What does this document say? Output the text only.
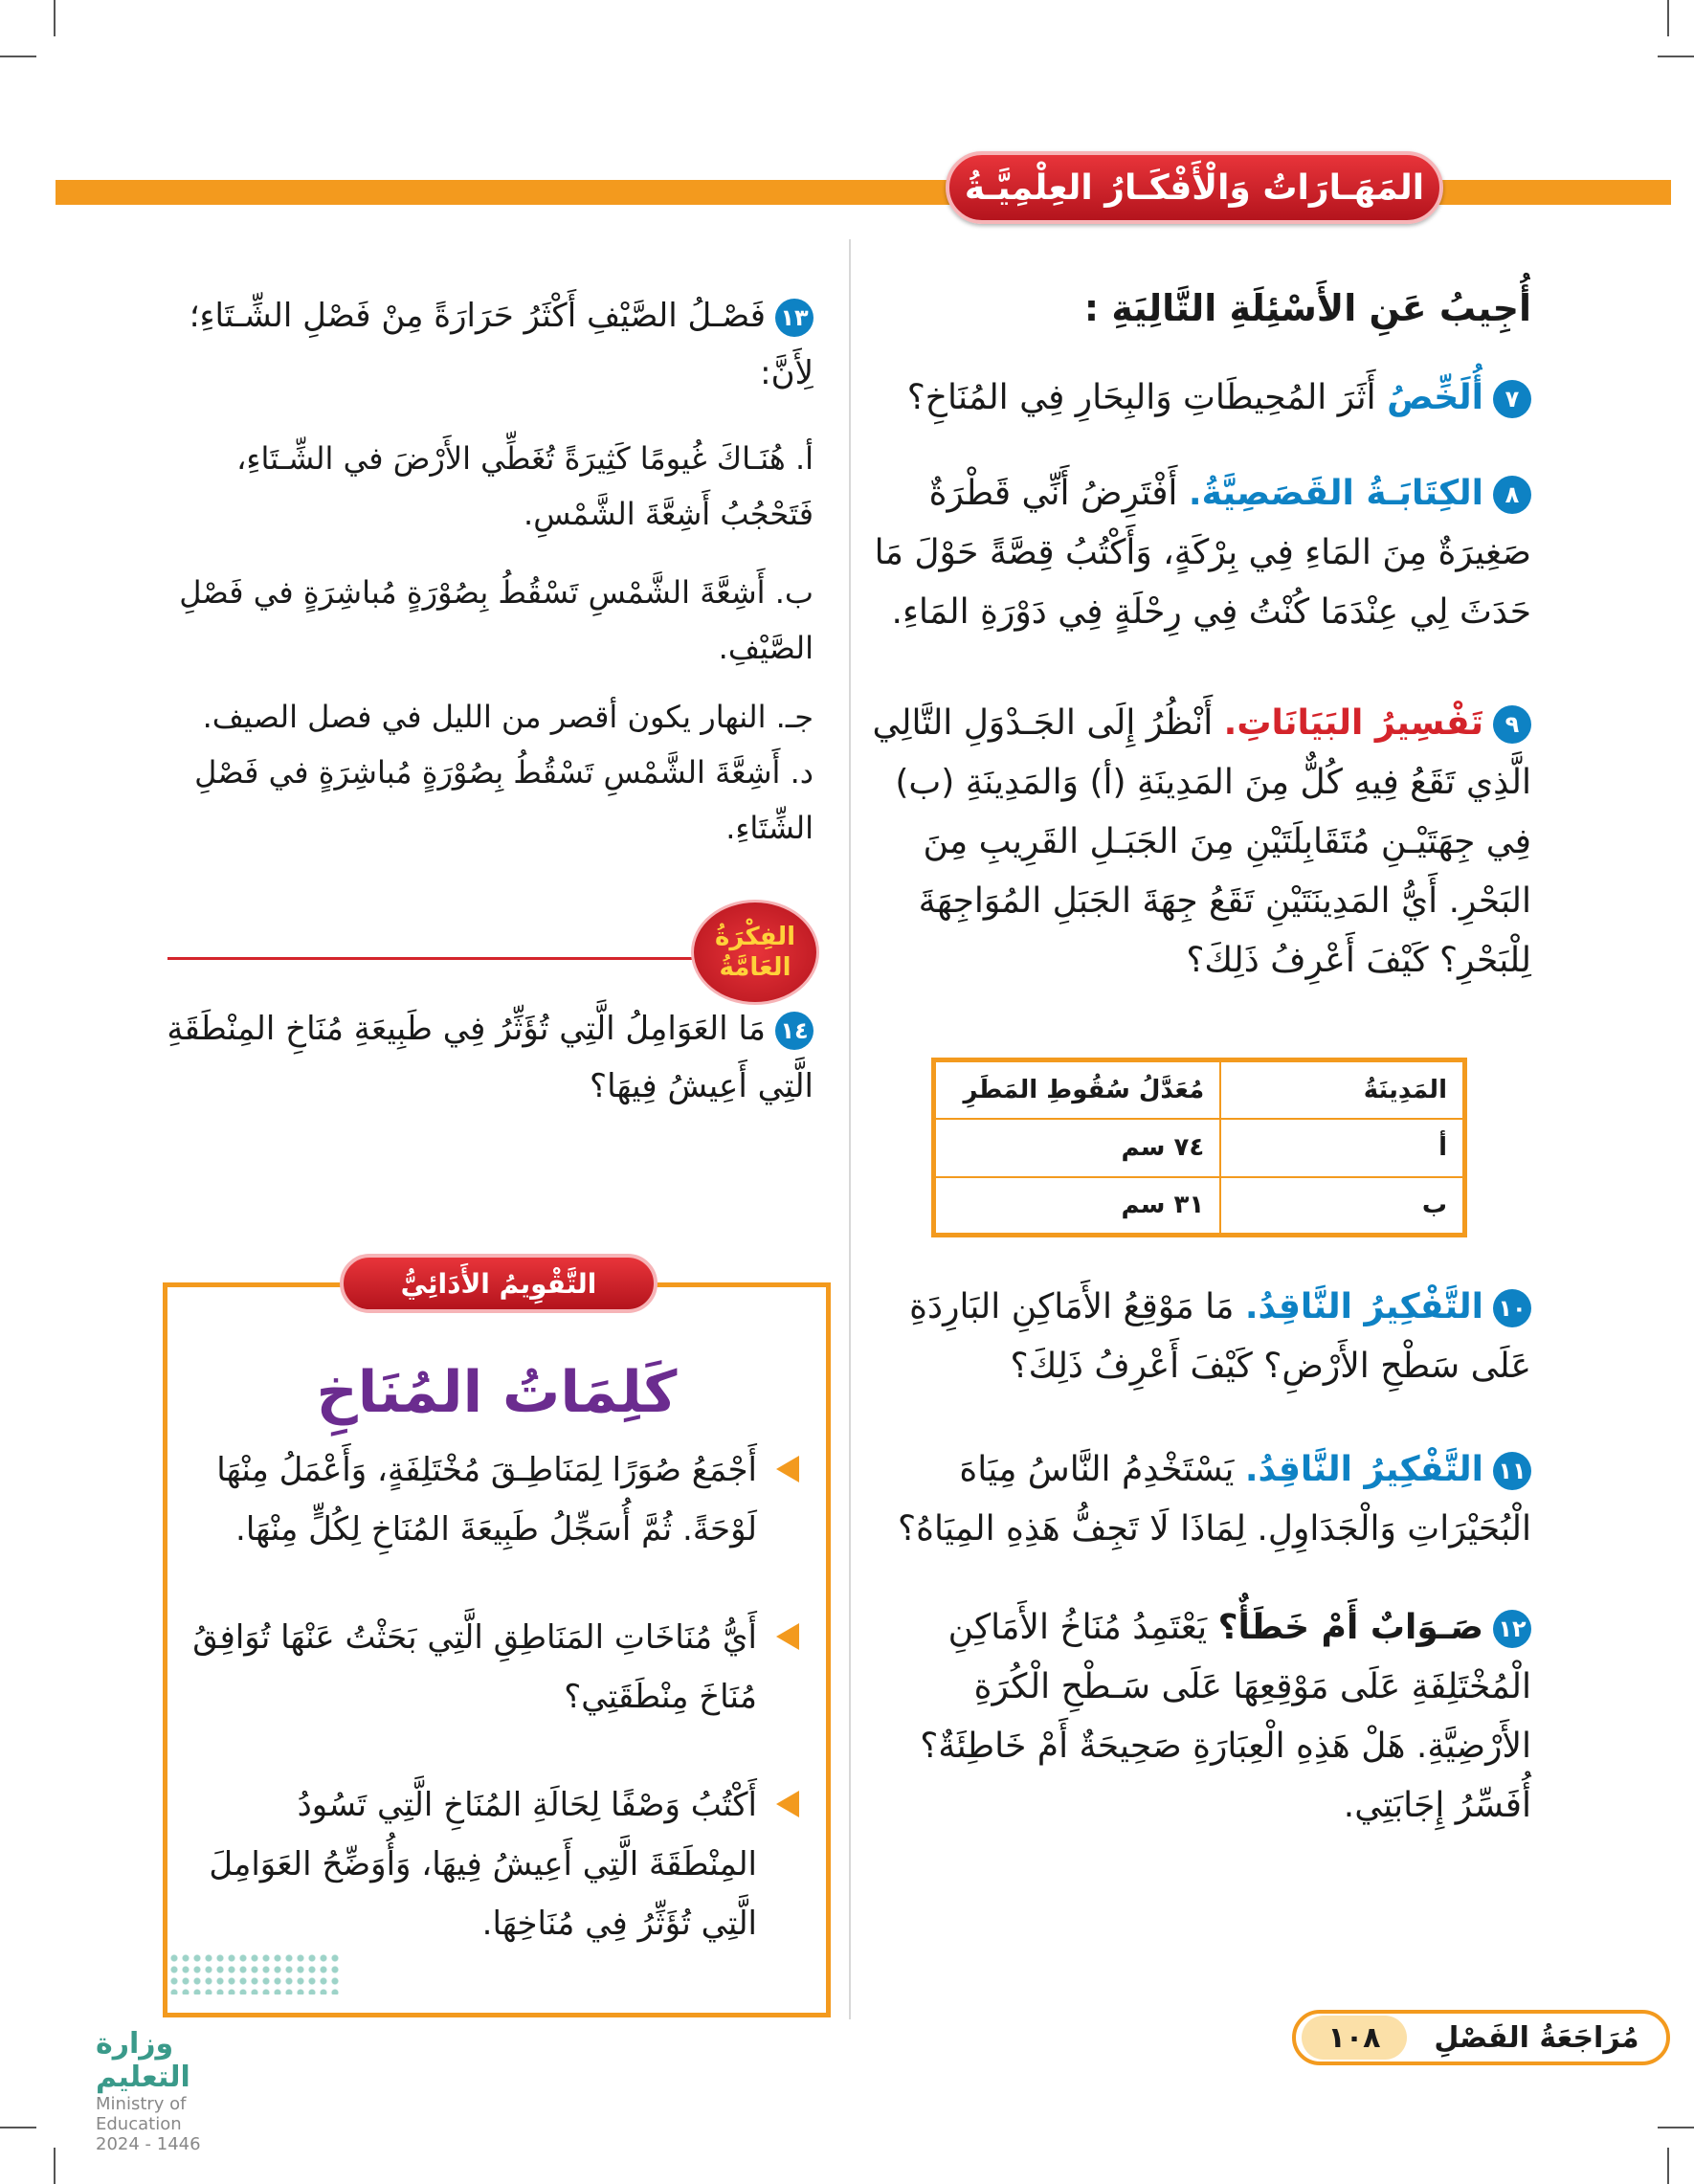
المَهَـارَاتُ وَالْأَفْكَـارُ العِلْمِيَّـةُ
أُجِيبُ عَنِ الأَسْئِلَةِ التَّالِيَةِ :
٧أُلَخِّصُ أَثَرَ المُحِيطَاتِ وَالبِحَارِ فِي المُنَاخِ؟
٨الكِتَابَـةُ القَصَصِيَّةُ. أَفْتَرِضُ أَنِّي قَطْرَةٌ صَغِيرَةٌ مِنَ المَاءِ فِي بِرْكَةٍ، وَأَكْتُبُ قِصَّةً حَوْلَ مَا حَدَثَ لِي عِنْدَمَا كُنْتُ فِي رِحْلَةٍ فِي دَوْرَةِ المَاءِ.
٩تَفْسِيرُ البَيَانَاتِ. أَنْظُرُ إِلَى الجَـدْوَلِ التَّالِي الَّذِي تَقَعُ فِيهِ كُلٌّ مِنَ المَدِينَةِ (أ) وَالمَدِينَةِ (ب) فِي جِهَتَيْـنِ مُتَقَابِلَتَيْنِ مِنَ الجَبَـلِ القَرِيبِ مِنَ البَحْرِ. أَيُّ المَدِينَتَيْنِ تَقَعُ جِهَةَ الجَبَلِ المُوَاجِهَةَ لِلْبَحْرِ؟ كَيْفَ أَعْرِفُ ذَلِكَ؟
المَدِينَةُ	مُعَدَّلُ سُقُوطِ المَطَرِ
أ	٧٤ سم
ب	٣١ سم
١٠التَّفْكِيرُ النَّاقِدُ. مَا مَوْقِعُ الأَمَاكِنِ البَارِدَةِ عَلَى سَطْحِ الأَرْضِ؟ كَيْفَ أَعْرِفُ ذَلِكَ؟
١١التَّفْكِيرُ النَّاقِدُ. يَسْتَخْدِمُ النَّاسُ مِيَاهَ الْبُحَيْرَاتِ وَالْجَدَاوِلِ. لِمَاذَا لَا تَجِفُّ هَذِهِ المِيَاهُ؟
١٢صَـوَابٌ أَمْ خَطَأٌ؟ يَعْتَمِدُ مُنَاخُ الأَمَاكِنِ الْمُخْتَلِفَةِ عَلَى مَوْقِعِهَا عَلَى سَـطْحِ الْكُرَةِ الأَرْضِيَّةِ. هَلْ هَذِهِ الْعِبَارَةِ صَحِيحَةٌ أَمْ خَاطِئَةٌ؟ أُفَسِّرُ إِجَابَتِي.
١٣فَصْـلُ الصَّيْفِ أَكْثَرُ حَرَارَةً مِنْ فَصْلِ الشِّـتَاءِ؛ لِأَنَّ:
أ. هُنَـاكَ غُيومًا كَثِيرَةً تُغَطِّي الأَرْضَ في الشِّـتَاءِ، فَتَحْجُبُ أَشِعَّةَ الشَّمْسِ.
ب. أَشِعَّةَ الشَّمْسِ تَسْقُطُ بِصُوْرَةٍ مُباشِرَةٍ في فَصْلِ الصَّيْفِ.
جـ. النهار يكون أقصر من الليل في فصل الصيف.
د. أَشِعَّةَ الشَّمْسِ تَسْقُطُ بِصُوْرَةٍ مُباشِرَةٍ في فَصْلِ الشِّتَاءِ.
الفِكْرَةُ العَامَّةُ
١٤مَا العَوَامِلُ الَّتِي تُؤَثِّرُ فِي طَبِيعَةِ مُنَاخِ المِنْطَقَةِ الَّتِي أَعِيشُ فِيهَا؟
التَّقْوِيمُ الأَدَائِيُّ
كَلِمَاتُ المُنَاخِ
أَجْمَعُ صُوَرًا لِمَنَاطِـقَ مُخْتَلِفَةٍ، وَأَعْمَلُ مِنْهَا لَوْحَةً. ثُمَّ أُسَجِّلُ طَبِيعَةَ المُنَاخِ لِكُلٍّ مِنْهَا.
أَيُّ مُنَاخَاتِ المَنَاطِقِ الَّتِي بَحَثْتُ عَنْهَا تُوَافِقُ مُنَاخَ مِنْطَقَتِي؟
أَكْتُبُ وَصْفًا لِحَالَةِ المُنَاخِ الَّتِي تَسُودُ المِنْطَقَةَ الَّتِي أَعِيشُ فِيهَا، وَأُوَضِّحُ العَوَامِلَ الَّتِي تُؤَثِّرُ فِي مُنَاخِهَا.
مُرَاجَعَةُ الفَصْلِ
١٠٨
وزارة التعليم
Ministry of Education
2024 - 1446
